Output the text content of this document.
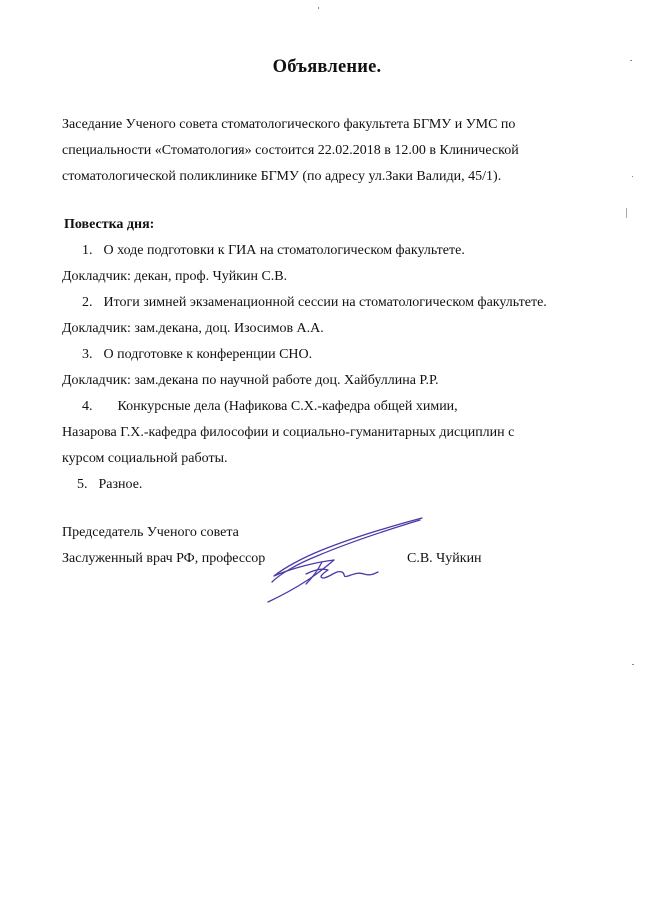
Объявление.
Заседание Ученого совета стоматологического факультета БГМУ и УМС по
специальности «Стоматология» состоится 22.02.2018 в 12.00 в Клинической
стоматологической поликлинике БГМУ (по адресу ул.Заки Валиди, 45/1).
Повестка дня:
1. О ходе подготовки к ГИА на стоматологическом факультете.
Докладчик: декан, проф. Чуйкин С.В.
2. Итоги зимней экзаменационной сессии на стоматологическом факультете.
Докладчик: зам.декана, доц. Изосимов А.А.
3. О подготовке к конференции СНО.
Докладчик: зам.декана по научной работе доц. Хайбуллина Р.Р.
4. Конкурсные дела (Нафикова С.Х.-кафедра общей химии,
Назарова Г.Х.-кафедра философии и социально-гуманитарных дисциплин с
курсом социальной работы.
5. Разное.
Председатель Ученого совета
Заслуженный врач РФ, профессор	С.В. Чуйкин
